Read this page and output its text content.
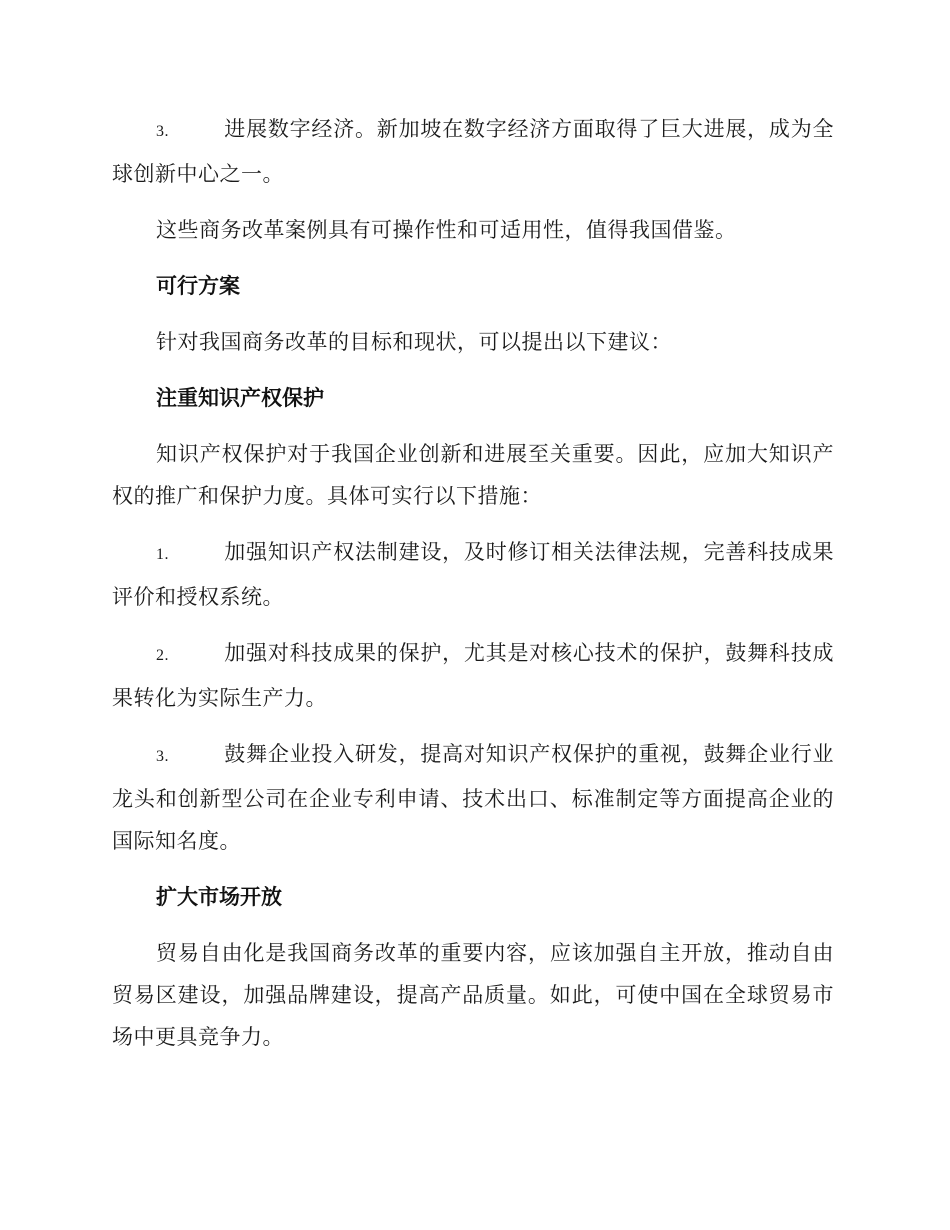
3.	进展数字经济。新加坡在数字经济方面取得了巨大进展，成为全球创新中心之一。

这些商务改革案例具有可操作性和可适用性，值得我国借鉴。

可行方案

针对我国商务改革的目标和现状，可以提出以下建议：

注重知识产权保护

知识产权保护对于我国企业创新和进展至关重要。因此，应加大知识产权的推广和保护力度。具体可实行以下措施：

1.	加强知识产权法制建设，及时修订相关法律法规，完善科技成果评价和授权系统。

2.	加强对科技成果的保护，尤其是对核心技术的保护，鼓舞科技成果转化为实际生产力。

3.	鼓舞企业投入研发，提高对知识产权保护的重视，鼓舞企业行业龙头和创新型公司在企业专利申请、技术出口、标准制定等方面提高企业的国际知名度。

扩大市场开放

贸易自由化是我国商务改革的重要内容，应该加强自主开放，推动自由贸易区建设，加强品牌建设，提高产品质量。如此，可使中国在全球贸易市场中更具竞争力。
